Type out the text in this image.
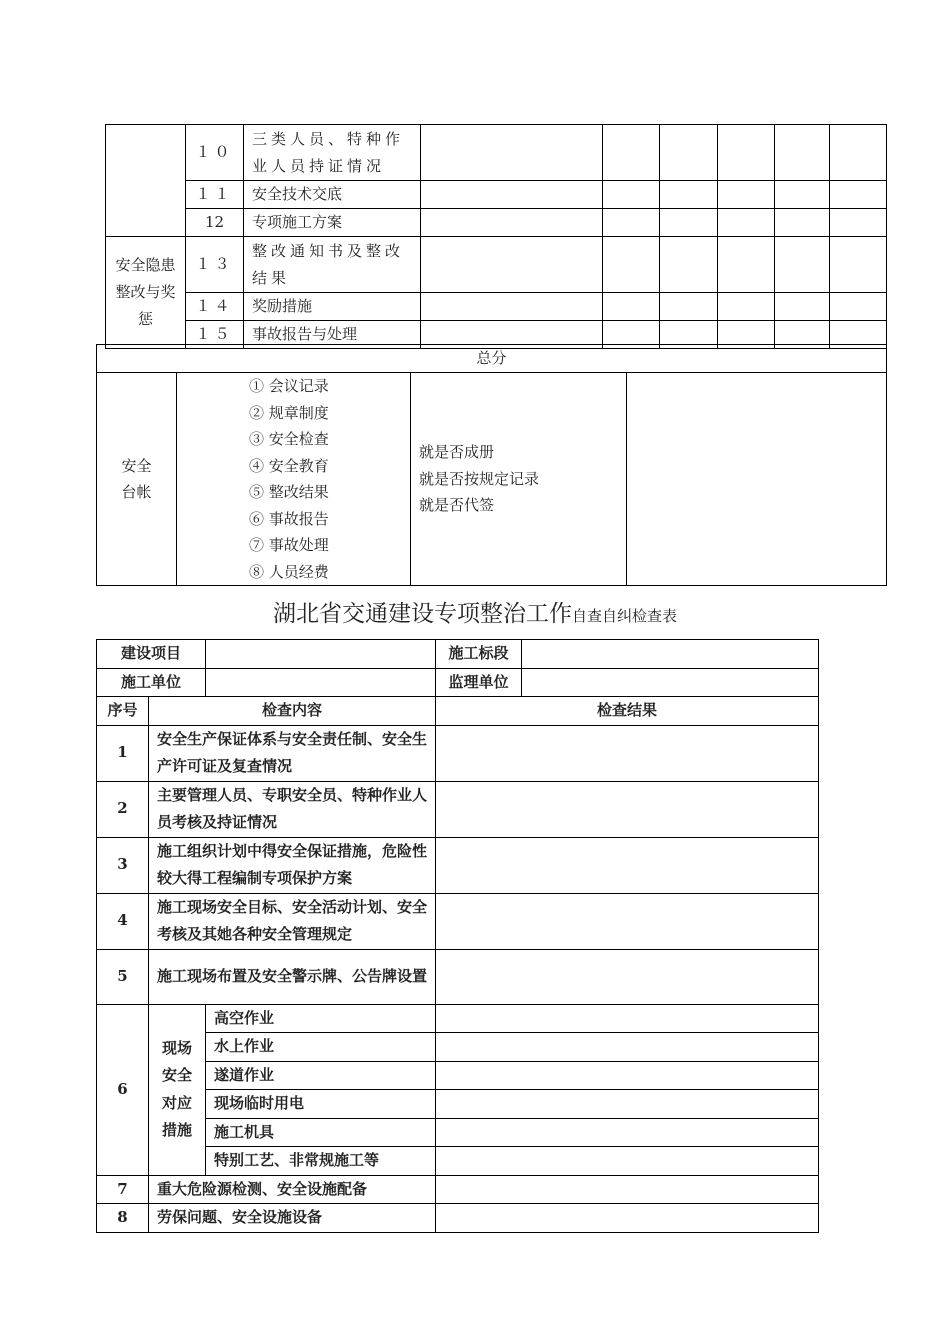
	１０	三类人员、特种作业人员持证情况						
	１１	安全技术交底						
	12	专项施工方案						
安全隐患整改与奖惩	１３	整改通知书及整改结果						
	１４	奖励措施						
	１５	事故报告与处理						
总分
安全台帐	
① 会议记录
② 规章制度
③ 安全检查
④ 安全教育
⑤ 整改结果
⑥ 事故报告
⑦ 事故处理
⑧ 人员经费

就是否成册
就是否按规定记录
就是否代签

湖北省交通建设专项整治工作自查自纠检查表
建设项目			施工标段	
施工单位			监理单位	
序号	检查内容		检查结果	
1	安全生产保证体系与安全责任制、安全生产许可证及复查情况			
2	主要管理人员、专职安全员、特种作业人员考核及持证情况			
3	施工组织计划中得安全保证措施，危险性较大得工程编制专项保护方案			
4	施工现场安全目标、安全活动计划、安全考核及其她各种安全管理规定			
5	施工现场布置及安全警示牌、公告牌设置			
6	现场安全对应措施	高空作业		
		水上作业		
		遂道作业		
		现场临时用电		
		施工机具		
		特别工艺、非常规施工等		
7	重大危险源检测、安全设施配备			
8	劳保问题、安全设施设备			
